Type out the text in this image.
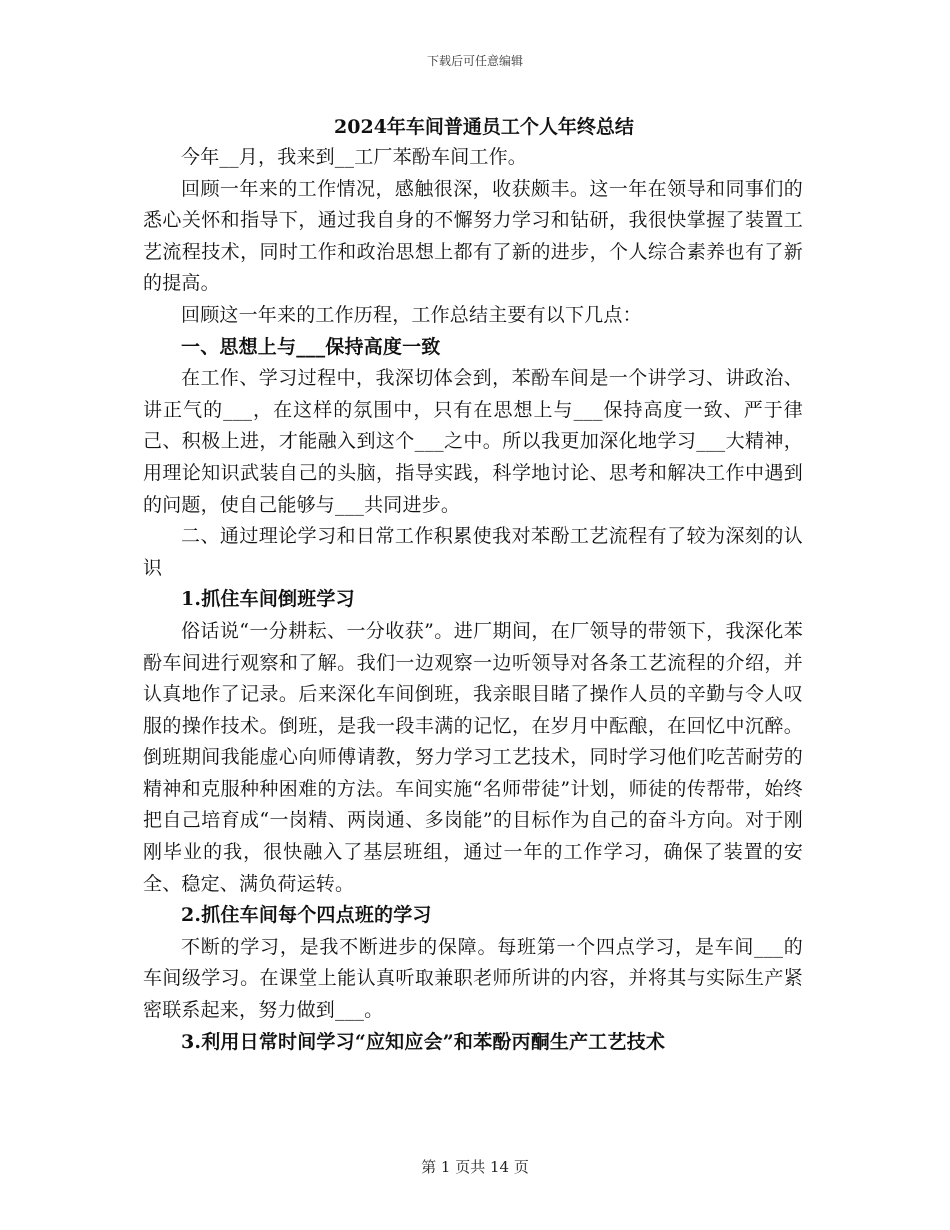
下载后可任意编辑
2024年车间普通员工个人年终总结

今年__月，我来到__工厂苯酚车间工作。

回顾一年来的工作情况，感触很深，收获颇丰。这一年在领导和同事们的悉心关怀和指导下，通过我自身的不懈努力学习和钻研，我很快掌握了装置工艺流程技术，同时工作和政治思想上都有了新的进步，个人综合素养也有了新的提高。

回顾这一年来的工作历程，工作总结主要有以下几点：

一、思想上与___保持高度一致

在工作、学习过程中，我深切体会到，苯酚车间是一个讲学习、讲政治、讲正气的___，在这样的氛围中，只有在思想上与___保持高度一致、严于律己、积极上进，才能融入到这个___之中。所以我更加深化地学习___大精神，用理论知识武装自己的头脑，指导实践，科学地讨论、思考和解决工作中遇到的问题，使自己能够与___共同进步。

二、通过理论学习和日常工作积累使我对苯酚工艺流程有了较为深刻的认识

1.抓住车间倒班学习

俗话说“一分耕耘、一分收获”。进厂期间，在厂领导的带领下，我深化苯酚车间进行观察和了解。我们一边观察一边听领导对各条工艺流程的介绍，并认真地作了记录。后来深化车间倒班，我亲眼目睹了操作人员的辛勤与令人叹服的操作技术。倒班，是我一段丰满的记忆，在岁月中酝酿，在回忆中沉醉。倒班期间我能虚心向师傅请教，努力学习工艺技术，同时学习他们吃苦耐劳的精神和克服种种困难的方法。车间实施“名师带徒”计划，师徒的传帮带，始终把自己培育成“一岗精、两岗通、多岗能”的目标作为自己的奋斗方向。对于刚刚毕业的我，很快融入了基层班组，通过一年的工作学习，确保了装置的安全、稳定、满负荷运转。

2.抓住车间每个四点班的学习

不断的学习，是我不断进步的保障。每班第一个四点学习，是车间___的车间级学习。在课堂上能认真听取兼职老师所讲的内容，并将其与实际生产紧密联系起来，努力做到___。

3.利用日常时间学习“应知应会”和苯酚丙酮生产工艺技术

第 1 页共 14 页
